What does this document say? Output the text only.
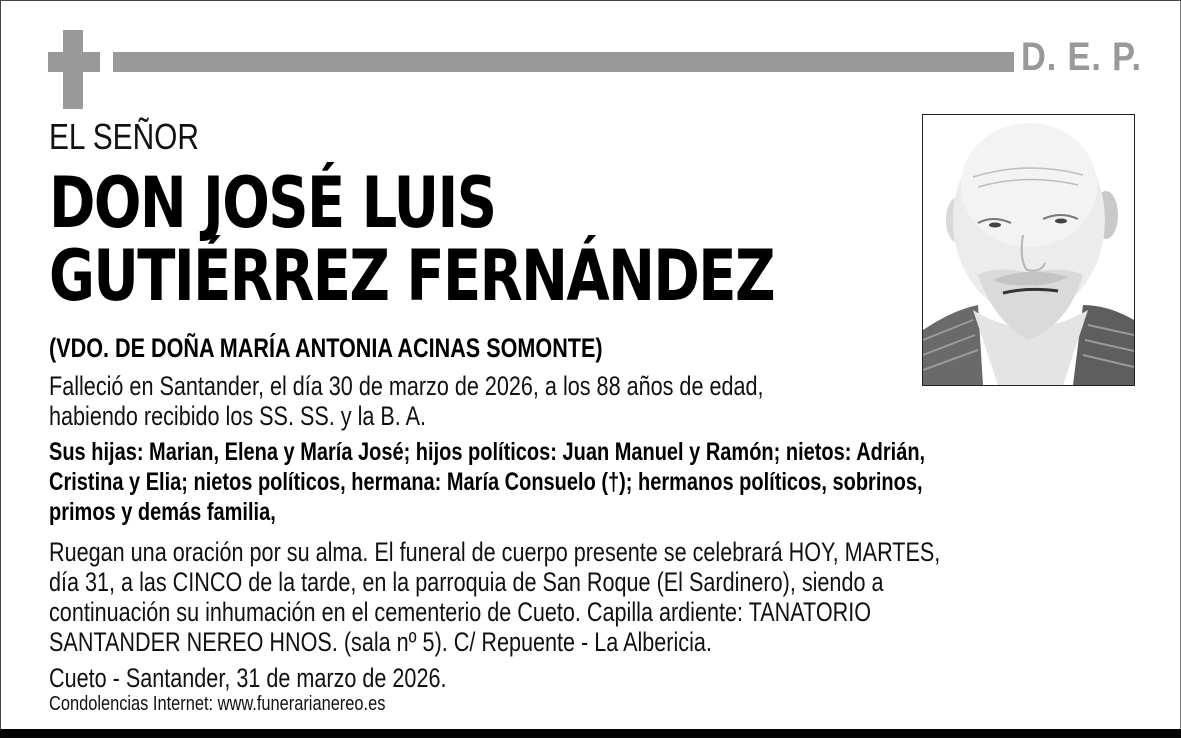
D. E. P.
EL SEÑOR
DON JOSÉ LUIS
GUTIÉRREZ FERNÁNDEZ
(VDO. DE DOÑA MARÍA ANTONIA ACINAS SOMONTE)
Falleció en Santander, el día 30 de marzo de 2026, a los 88 años de edad,
habiendo recibido los SS. SS. y la B. A.
Sus hijas: Marian, Elena y María José; hijos políticos: Juan Manuel y Ramón; nietos: Adrián,
Cristina y Elia; nietos políticos, hermana: María Consuelo (†); hermanos políticos, sobrinos,
primos y demás familia,
Ruegan una oración por su alma. El funeral de cuerpo presente se celebrará HOY, MARTES,
día 31, a las CINCO de la tarde, en la parroquia de San Roque (El Sardinero), siendo a
continuación su inhumación en el cementerio de Cueto. Capilla ardiente: TANATORIO
SANTANDER NEREO HNOS. (sala nº 5). C/ Repuente - La Albericia.
Cueto - Santander, 31 de marzo de 2026.
Condolencias Internet: www.funerarianereo.es
